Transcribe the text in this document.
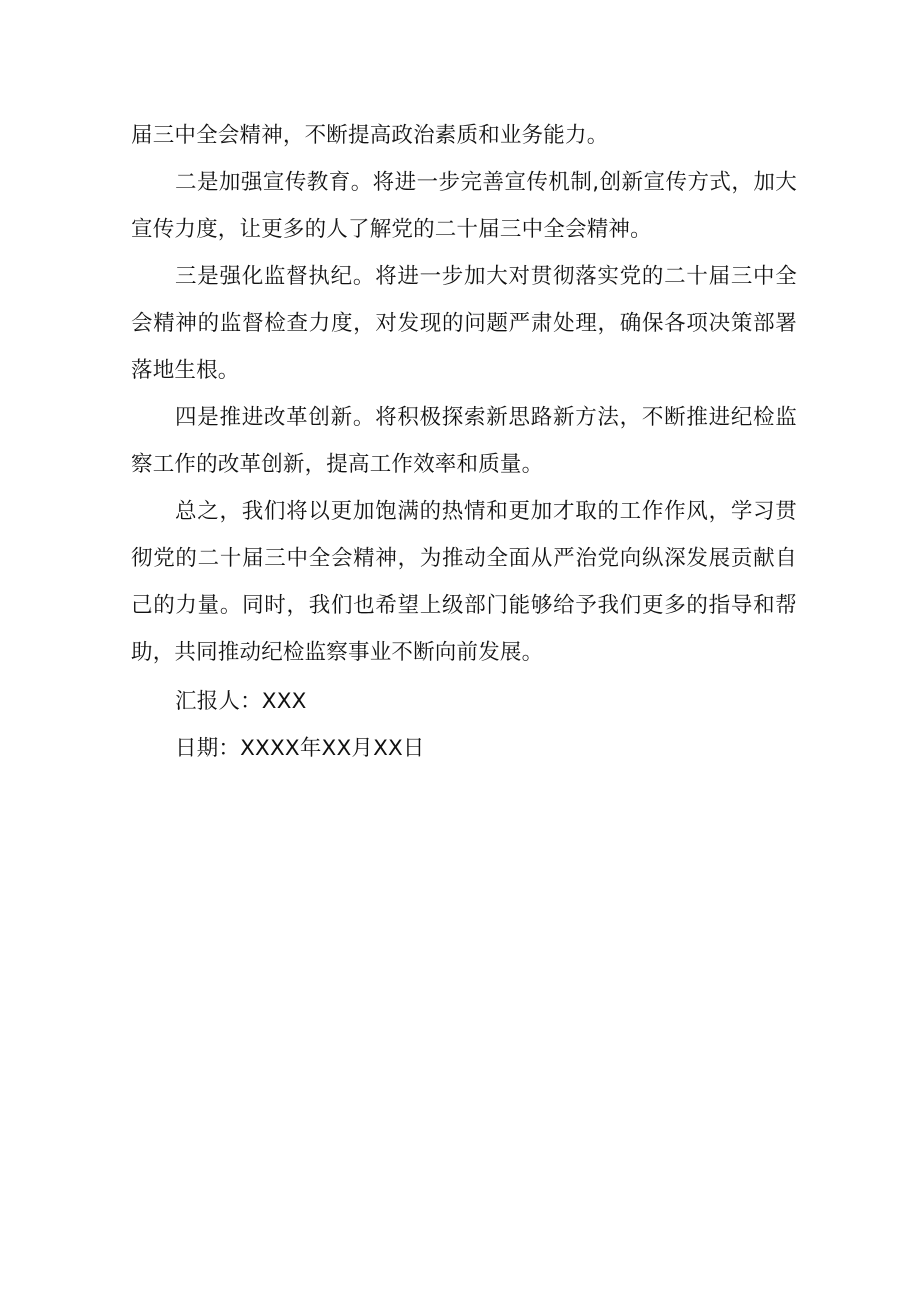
届三中全会精神，不断提高政治素质和业务能力。

二是加强宣传教育。将进一步完善宣传机制,创新宣传方式，加大宣传力度，让更多的人了解党的二十届三中全会精神。

三是强化监督执纪。将进一步加大对贯彻落实党的二十届三中全会精神的监督检查力度，对发现的问题严肃处理，确保各项决策部署落地生根。

四是推进改革创新。将积极探索新思路新方法，不断推进纪检监察工作的改革创新，提高工作效率和质量。

总之，我们将以更加饱满的热情和更加才取的工作作风，学习贯彻党的二十届三中全会精神，为推动全面从严治党向纵深发展贡献自己的力量。同时，我们也希望上级部门能够给予我们更多的指导和帮助，共同推动纪检监察事业不断向前发展。

汇报人：XXX

日期：XXXX年XX月XX日
